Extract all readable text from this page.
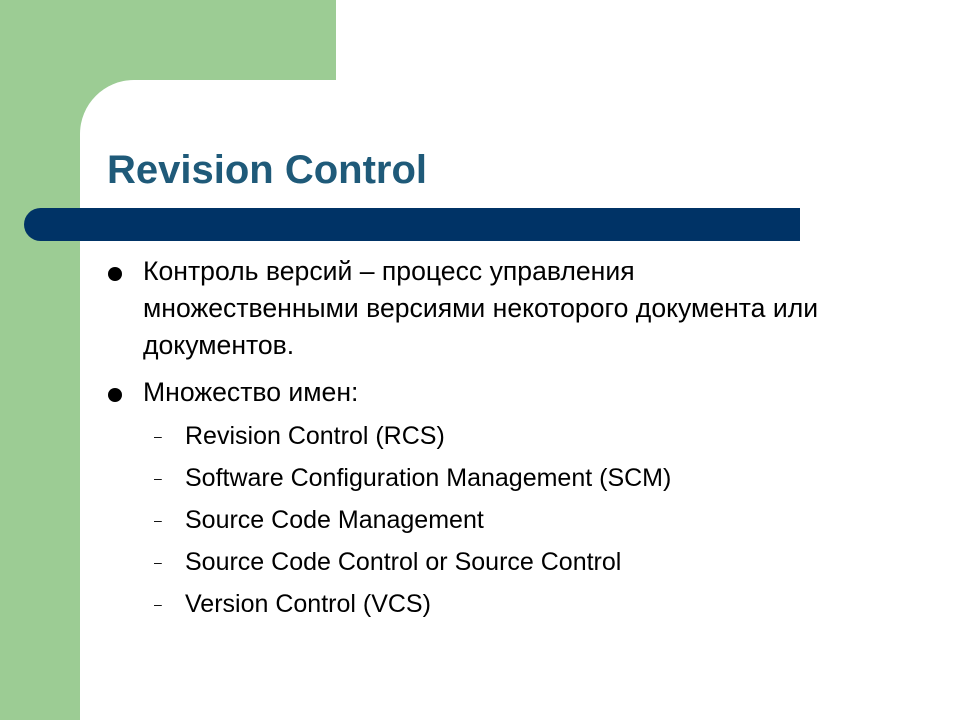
Revision Control
Контроль версий – процесс управления множественными версиями некоторого документа или документов.
Множество имен:
– Revision Control (RCS)
– Software Configuration Management (SCM)
– Source Code Management
– Source Code Control or Source Control
– Version Control (VCS)
